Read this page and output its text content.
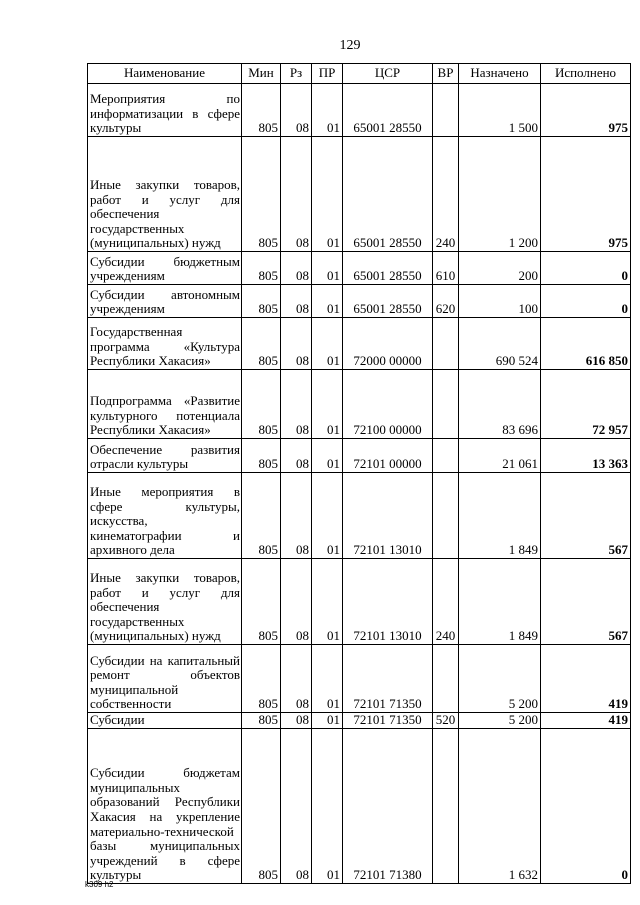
129
Наименование	Мин	Рз	ПР	ЦСР	ВР	Назначено	Исполнено
Мероприятия по информатизации в сфере культуры	805	08	01	65001 28550		1 500	975
Иные закупки товаров, работ и услуг для обеспечения государственных (муниципальных) нужд	805	08	01	65001 28550	240	1 200	975
Субсидии бюджетным учреждениям	805	08	01	65001 28550	610	200	0
Субсидии автономным учреждениям	805	08	01	65001 28550	620	100	0
Государственная программа «Культура Республики Хакасия»	805	08	01	72000 00000		690 524	616 850
Подпрограмма «Развитие культурного потенциала Республики Хакасия»	805	08	01	72100 00000		83 696	72 957
Обеспечение развития отрасли культуры	805	08	01	72101 00000		21 061	13 363
Иные мероприятия в сфере культуры, искусства, кинематографии и архивного дела	805	08	01	72101 13010		1 849	567
Иные закупки товаров, работ и услуг для обеспечения государственных (муниципальных) нужд	805	08	01	72101 13010	240	1 849	567
Субсидии на капитальный ремонт объектов муниципальной собственности	805	08	01	72101 71350		5 200	419
Субсидии	805	08	01	72101 71350	520	5 200	419
Субсидии бюджетам муниципальных образований Республики Хакасия на укрепление материально-технической базы муниципальных учреждений в сфере культуры	805	08	01	72101 71380		1 632	0
k309 h2
